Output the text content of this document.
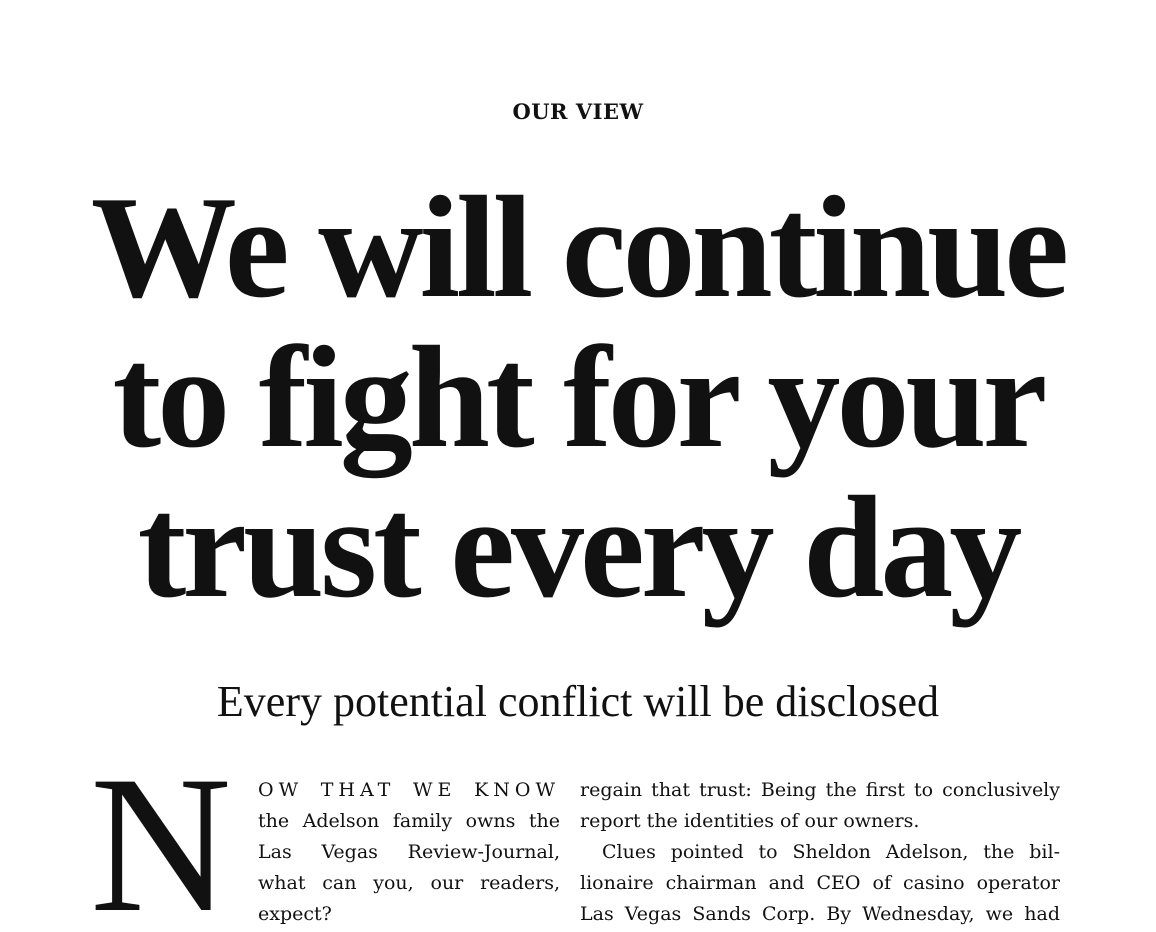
OUR VIEW
We will continue
to fight for your
trust every day
Every potential conflict will be disclosed
N OW THAT WE KNOW
the Adelson family owns the
Las Vegas Review-Journal,
what can you, our readers,
expect?
regain that trust: Being the first to conclusively
report the identities of our owners.
Clues pointed to Sheldon Adelson, the bil-
lionaire chairman and CEO of casino operator
Las Vegas Sands Corp. By Wednesday, we had
